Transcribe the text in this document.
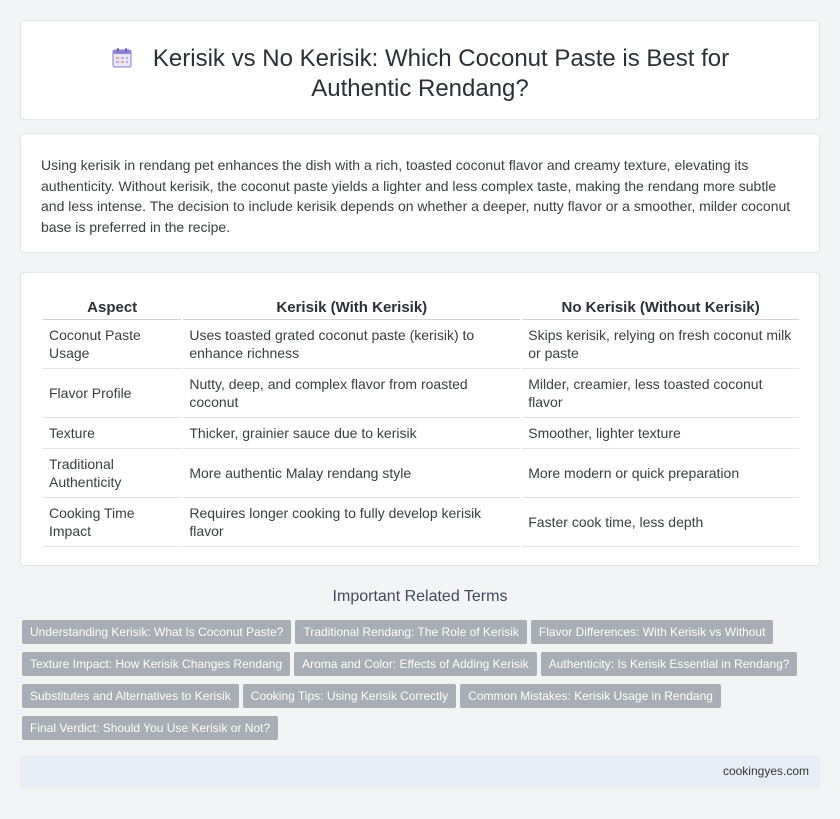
Kerisik vs No Kerisik: Which Coconut Paste is Best for Authentic Rendang?

Using kerisik in rendang pet enhances the dish with a rich, toasted coconut flavor and creamy texture, elevating its authenticity. Without kerisik, the coconut paste yields a lighter and less complex taste, making the rendang more subtle and less intense. The decision to include kerisik depends on whether a deeper, nutty flavor or a smoother, milder coconut base is preferred in the recipe.

Aspect	Kerisik (With Kerisik)	No Kerisik (Without Kerisik)
Coconut Paste Usage	Uses toasted grated coconut paste (kerisik) to enhance richness	Skips kerisik, relying on fresh coconut milk or paste
Flavor Profile	Nutty, deep, and complex flavor from roasted coconut	Milder, creamier, less toasted coconut flavor
Texture	Thicker, grainier sauce due to kerisik	Smoother, lighter texture
Traditional Authenticity	More authentic Malay rendang style	More modern or quick preparation
Cooking Time Impact	Requires longer cooking to fully develop kerisik flavor	Faster cook time, less depth
Important Related Terms
Understanding Kerisik: What Is Coconut Paste? Traditional Rendang: The Role of Kerisik Flavor Differences: With Kerisik vs Without
Texture Impact: How Kerisik Changes Rendang Aroma and Color: Effects of Adding Kerisik Authenticity: Is Kerisik Essential in Rendang?
Substitutes and Alternatives to Kerisik Cooking Tips: Using Kerisik Correctly Common Mistakes: Kerisik Usage in Rendang
Final Verdict: Should You Use Kerisik or Not?
cookingyes.com
